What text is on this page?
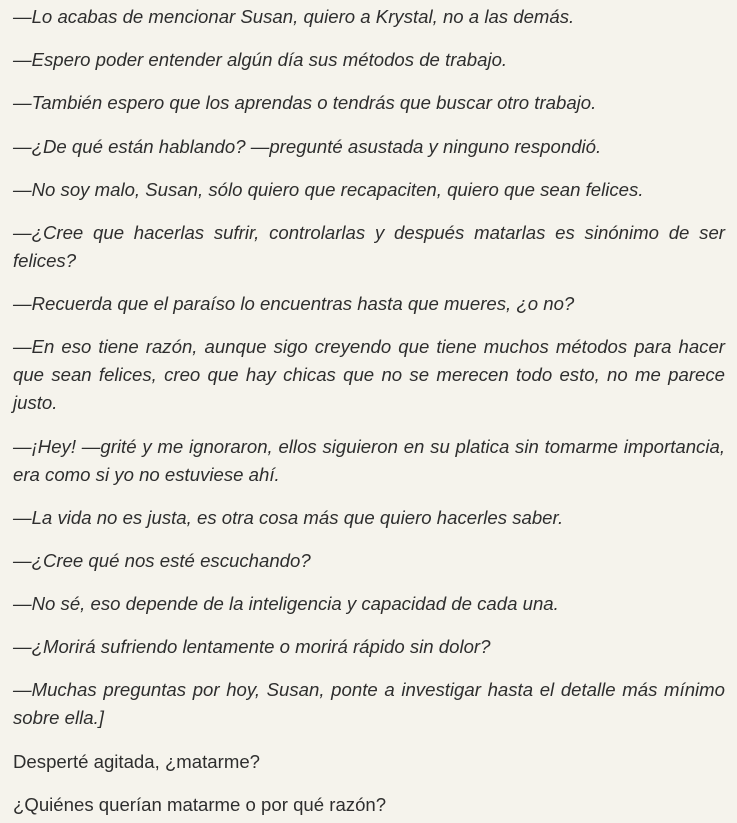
—Lo acabas de mencionar Susan, quiero a Krystal, no a las demás.

—Espero poder entender algún día sus métodos de trabajo.

—También espero que los aprendas o tendrás que buscar otro trabajo.

—¿De qué están hablando? —pregunté asustada y ninguno respondió.

—No soy malo, Susan, sólo quiero que recapaciten, quiero que sean felices.

—¿Cree que hacerlas sufrir, controlarlas y después matarlas es sinónimo de ser felices?

—Recuerda que el paraíso lo encuentras hasta que mueres, ¿o no?

—En eso tiene razón, aunque sigo creyendo que tiene muchos métodos para hacer que sean felices, creo que hay chicas que no se merecen todo esto, no me parece justo.

—¡Hey! —grité y me ignoraron, ellos siguieron en su platica sin tomarme importancia, era como si yo no estuviese ahí.

—La vida no es justa, es otra cosa más que quiero hacerles saber.

—¿Cree qué nos esté escuchando?

—No sé, eso depende de la inteligencia y capacidad de cada una.

—¿Morirá sufriendo lentamente o morirá rápido sin dolor?

—Muchas preguntas por hoy, Susan, ponte a investigar hasta el detalle más mínimo sobre ella.]

Desperté agitada, ¿matarme?

¿Quiénes querían matarme o por qué razón?
